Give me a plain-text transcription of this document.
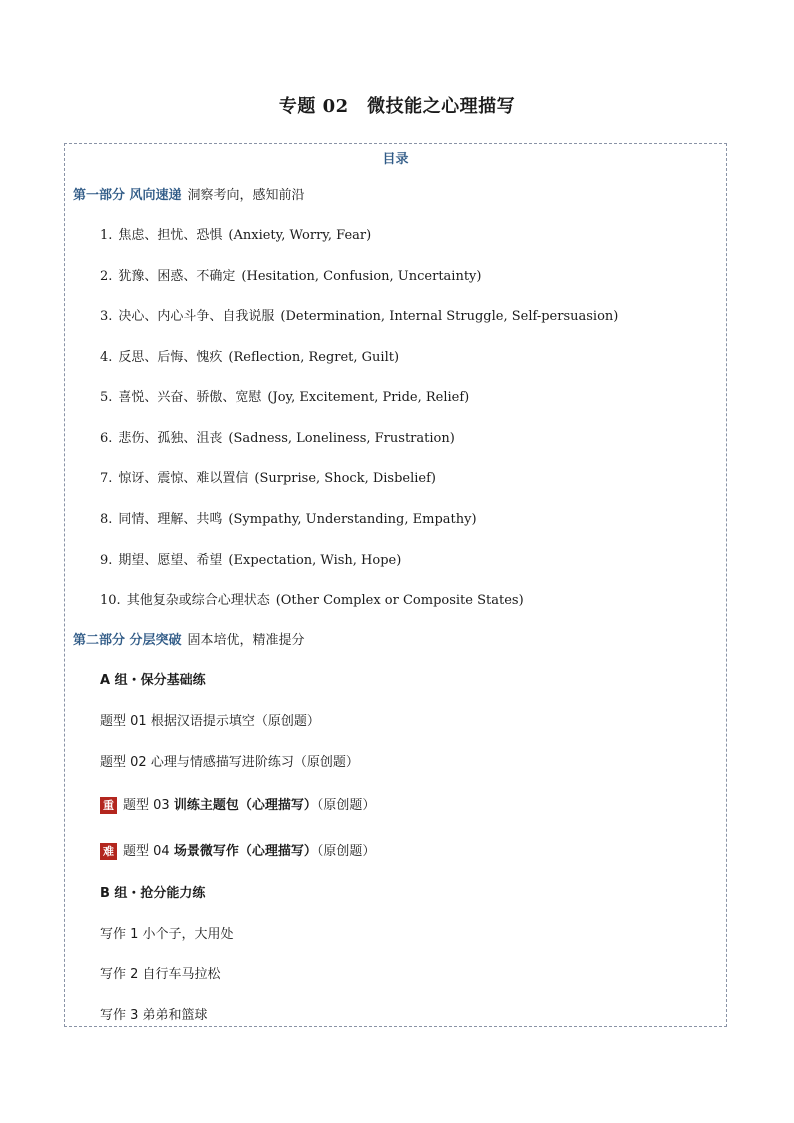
专题 02　微技能之心理描写
目录
第一部分 风向速递 洞察考向，感知前沿
1. 焦虑、担忧、恐惧 (Anxiety, Worry, Fear)
2. 犹豫、困惑、不确定 (Hesitation, Confusion, Uncertainty)
3. 决心、内心斗争、自我说服 (Determination, Internal Struggle, Self-persuasion)
4. 反思、后悔、愧疚 (Reflection, Regret, Guilt)
5. 喜悦、兴奋、骄傲、宽慰 (Joy, Excitement, Pride, Relief)
6. 悲伤、孤独、沮丧 (Sadness, Loneliness, Frustration)
7. 惊讶、震惊、难以置信 (Surprise, Shock, Disbelief)
8. 同情、理解、共鸣 (Sympathy, Understanding, Empathy)
9. 期望、愿望、希望 (Expectation, Wish, Hope)
10. 其他复杂或综合心理状态 (Other Complex or Composite States)
第二部分 分层突破 固本培优，精准提分
A 组・保分基础练
题型 01 根据汉语提示填空（原创题）
题型 02 心理与情感描写进阶练习（原创题）
重 题型 03 训练主题包（心理描写）（原创题）
难 题型 04 场景微写作（心理描写）（原创题）
B 组・抢分能力练
写作 1 小个子，大用处
写作 2 自行车马拉松
写作 3 弟弟和篮球
